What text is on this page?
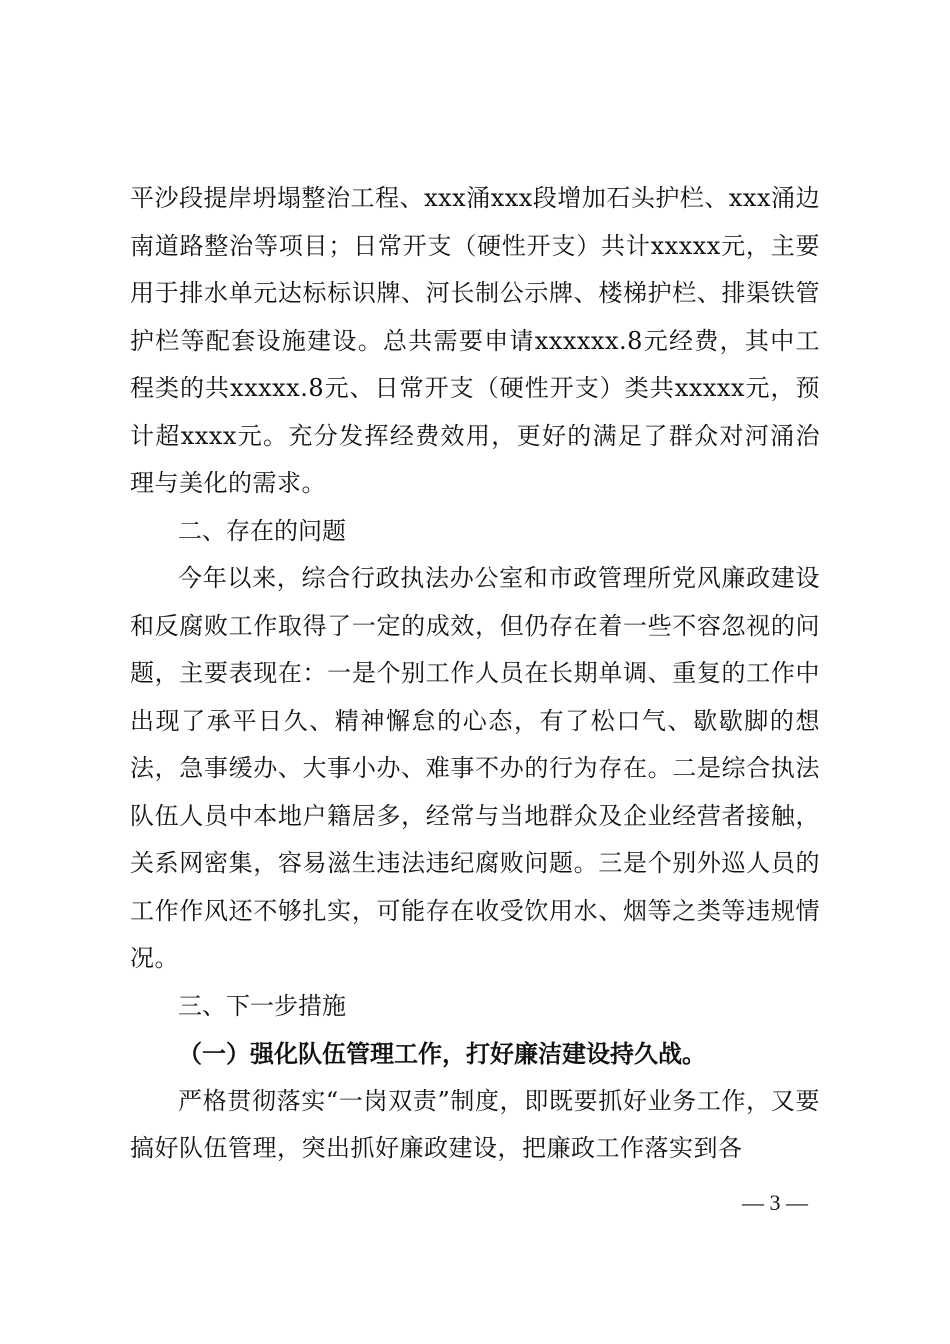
平沙段提岸坍塌整治工程、xxx涌xxx段增加石头护栏、xxx涌边南道路整治等项目；日常开支（硬性开支）共计xxxxx元，主要用于排水单元达标标识牌、河长制公示牌、楼梯护栏、排渠铁管护栏等配套设施建设。总共需要申请xxxxxx.8元经费，其中工程类的共xxxxx.8元、日常开支（硬性开支）类共xxxxx元，预计超xxxx元。充分发挥经费效用，更好的满足了群众对河涌治理与美化的需求。

二、存在的问题

今年以来，综合行政执法办公室和市政管理所党风廉政建设和反腐败工作取得了一定的成效，但仍存在着一些不容忽视的问题，主要表现在：一是个别工作人员在长期单调、重复的工作中出现了承平日久、精神懈怠的心态，有了松口气、歇歇脚的想法，急事缓办、大事小办、难事不办的行为存在。二是综合执法队伍人员中本地户籍居多，经常与当地群众及企业经营者接触，关系网密集，容易滋生违法违纪腐败问题。三是个别外巡人员的工作作风还不够扎实，可能存在收受饮用水、烟等之类等违规情况。

三、下一步措施

（一）强化队伍管理工作，打好廉洁建设持久战。

严格贯彻落实“一岗双责”制度，即既要抓好业务工作，又要搞好队伍管理，突出抓好廉政建设，把廉政工作落实到各

— 3 —
